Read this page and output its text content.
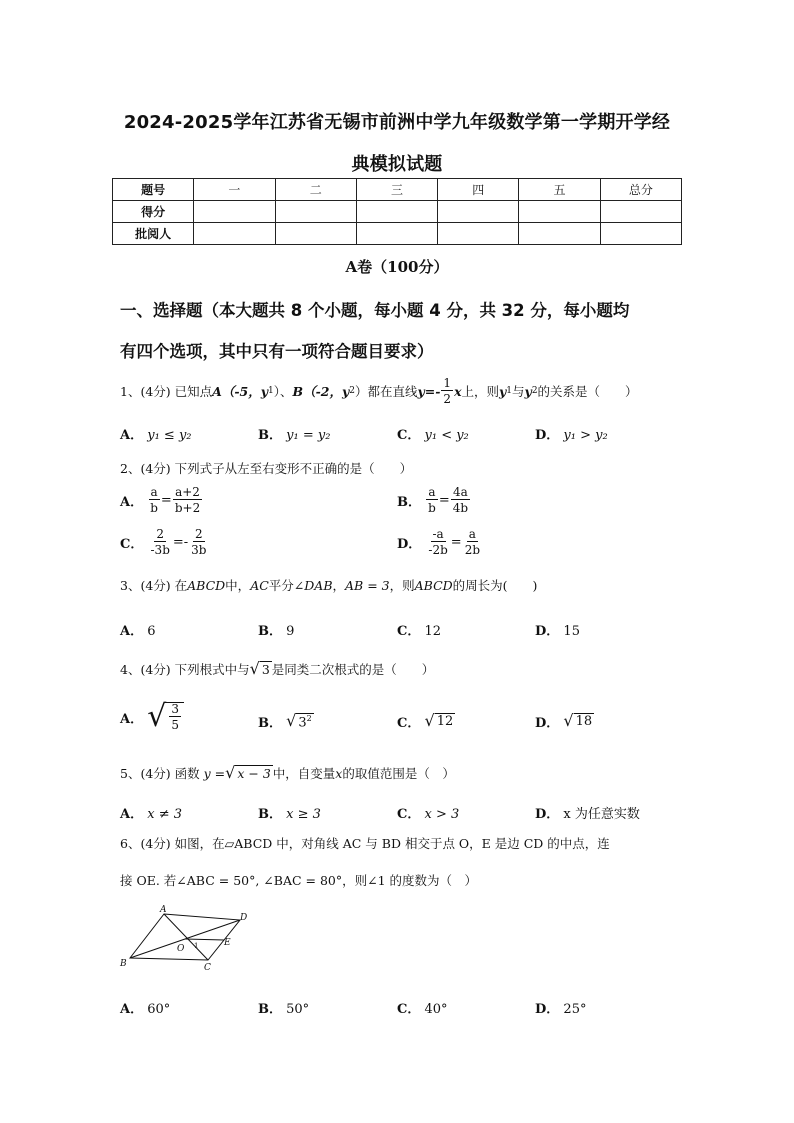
2024-2025学年江苏省无锡市前洲中学九年级数学第一学期开学经
典模拟试题
题号	一	二	三	四	五	总分
得分						
批阅人						
A卷（100分）
一、选择题（本大题共 8 个小题，每小题 4 分，共 32 分，每小题均
有四个选项，其中只有一项符合题目要求）
1、(4分) 已知点 A（-5，y 1 ）、 B（-2，y 2 ） 都在直线 $y=- \frac{1}{2}$ x 上，则 y 1 与 y 2 的关系是（　　）
A． y₁ ≤ y₂	B． y₁ = y₂	C． y₁ < y₂	D． y₁ > y₂
2、(4分) 下列式子从左至右变形不正确的是（　　）
A．
$\frac{a}{b} = \frac{a+2}{b+2}$	B．
$\frac{a}{b} = \frac{4a}{4b}$
C．
$\frac{2}{-3b} =- \frac{2}{3b}$	D．
$\frac{-a}{-2b} = \frac{a}{2b}$
3、(4分) 在ABCD中，AC平分∠DAB，AB = 3，则ABCD的周长为(　　)
A． 6	B． 9	C． 12	D． 15
4、(4分) 下列根式中与 √ 3 是同类二次根式的是（　　）
A．
√ $\frac{3}{5}$	B．
√ $3^2$	C．
√ 12	D．
√ 18
5、(4分) 函数
y = √ x − 3 中，自变量 x 的取值范围是（　）
A． x ≠ 3	B． x ≥ 3	C． x > 3	D． x 为任意实数
6、(4分) 如图，在▱ABCD 中，对角线 AC 与 BD 相交于点 O，E 是边 CD 的中点，连
接 OE. 若∠ABC = 50°, ∠BAC = 80°，则∠1 的度数为（　）
A
D
B	C
O
E
1
A． 60°	B． 50°	C． 40°	D． 25°
